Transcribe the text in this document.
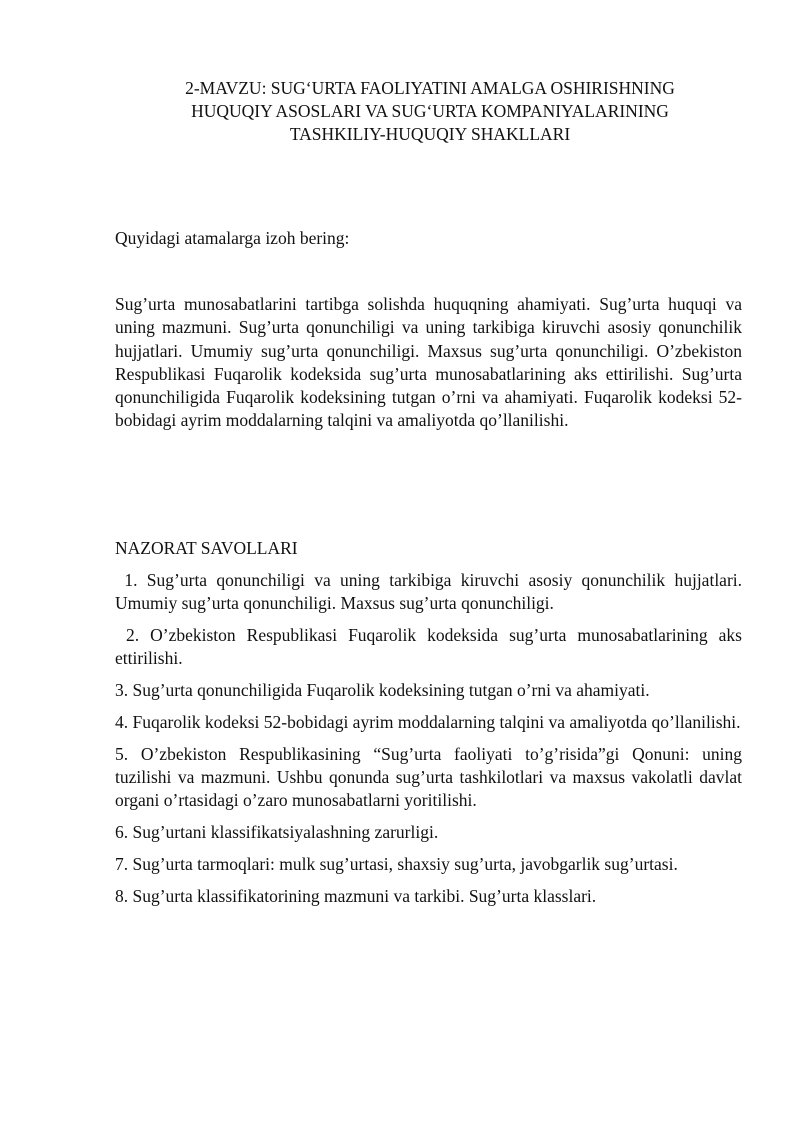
2-MAVZU: SUG‘URTA FAOLIYATINI AMALGA OSHIRISHNING
HUQUQIY ASOSLARI VA SUG‘URTA KOMPANIYALARINING
TASHKILIY-HUQUQIY SHAKLLARI
Quyidagi atamalarga izoh bering:
Sug’urta munosabatlarini tartibga solishda huquqning ahamiyati. Sug’urta huquqi va uning mazmuni. Sug’urta qonunchiligi va uning tarkibiga kiruvchi asosiy qonunchilik hujjatlari. Umumiy sug’urta qonunchiligi. Maxsus sug’urta qonunchiligi. O’zbekiston Respublikasi Fuqarolik kodeksida sug’urta munosabatlarining aks ettirilishi. Sug’urta qonunchiligida Fuqarolik kodeksining tutgan o’rni va ahamiyati. Fuqarolik kodeksi 52-bobidagi ayrim moddalarning talqini va amaliyotda qo’llanilishi.
NAZORAT SAVOLLARI
1. Sug’urta qonunchiligi va uning tarkibiga kiruvchi asosiy qonunchilik hujjatlari. Umumiy sug’urta qonunchiligi. Maxsus sug’urta qonunchiligi.
2. O’zbekiston Respublikasi Fuqarolik kodeksida sug’urta munosabatlarining aks ettirilishi.
3. Sug’urta qonunchiligida Fuqarolik kodeksining tutgan o’rni va ahamiyati.
4. Fuqarolik kodeksi 52-bobidagi ayrim moddalarning talqini va amaliyotda qo’llanilishi.
5. O’zbekiston Respublikasining “Sug’urta faoliyati to’g’risida”gi Qonuni: uning tuzilishi va mazmuni. Ushbu qonunda sug’urta tashkilotlari va maxsus vakolatli davlat organi o’rtasidagi o’zaro munosabatlarni yoritilishi.
6. Sug’urtani klassifikatsiyalashning zarurligi.
7. Sug’urta tarmoqlari: mulk sug’urtasi, shaxsiy sug’urta, javobgarlik sug’urtasi.
8. Sug’urta klassifikatorining mazmuni va tarkibi. Sug’urta klasslari.
